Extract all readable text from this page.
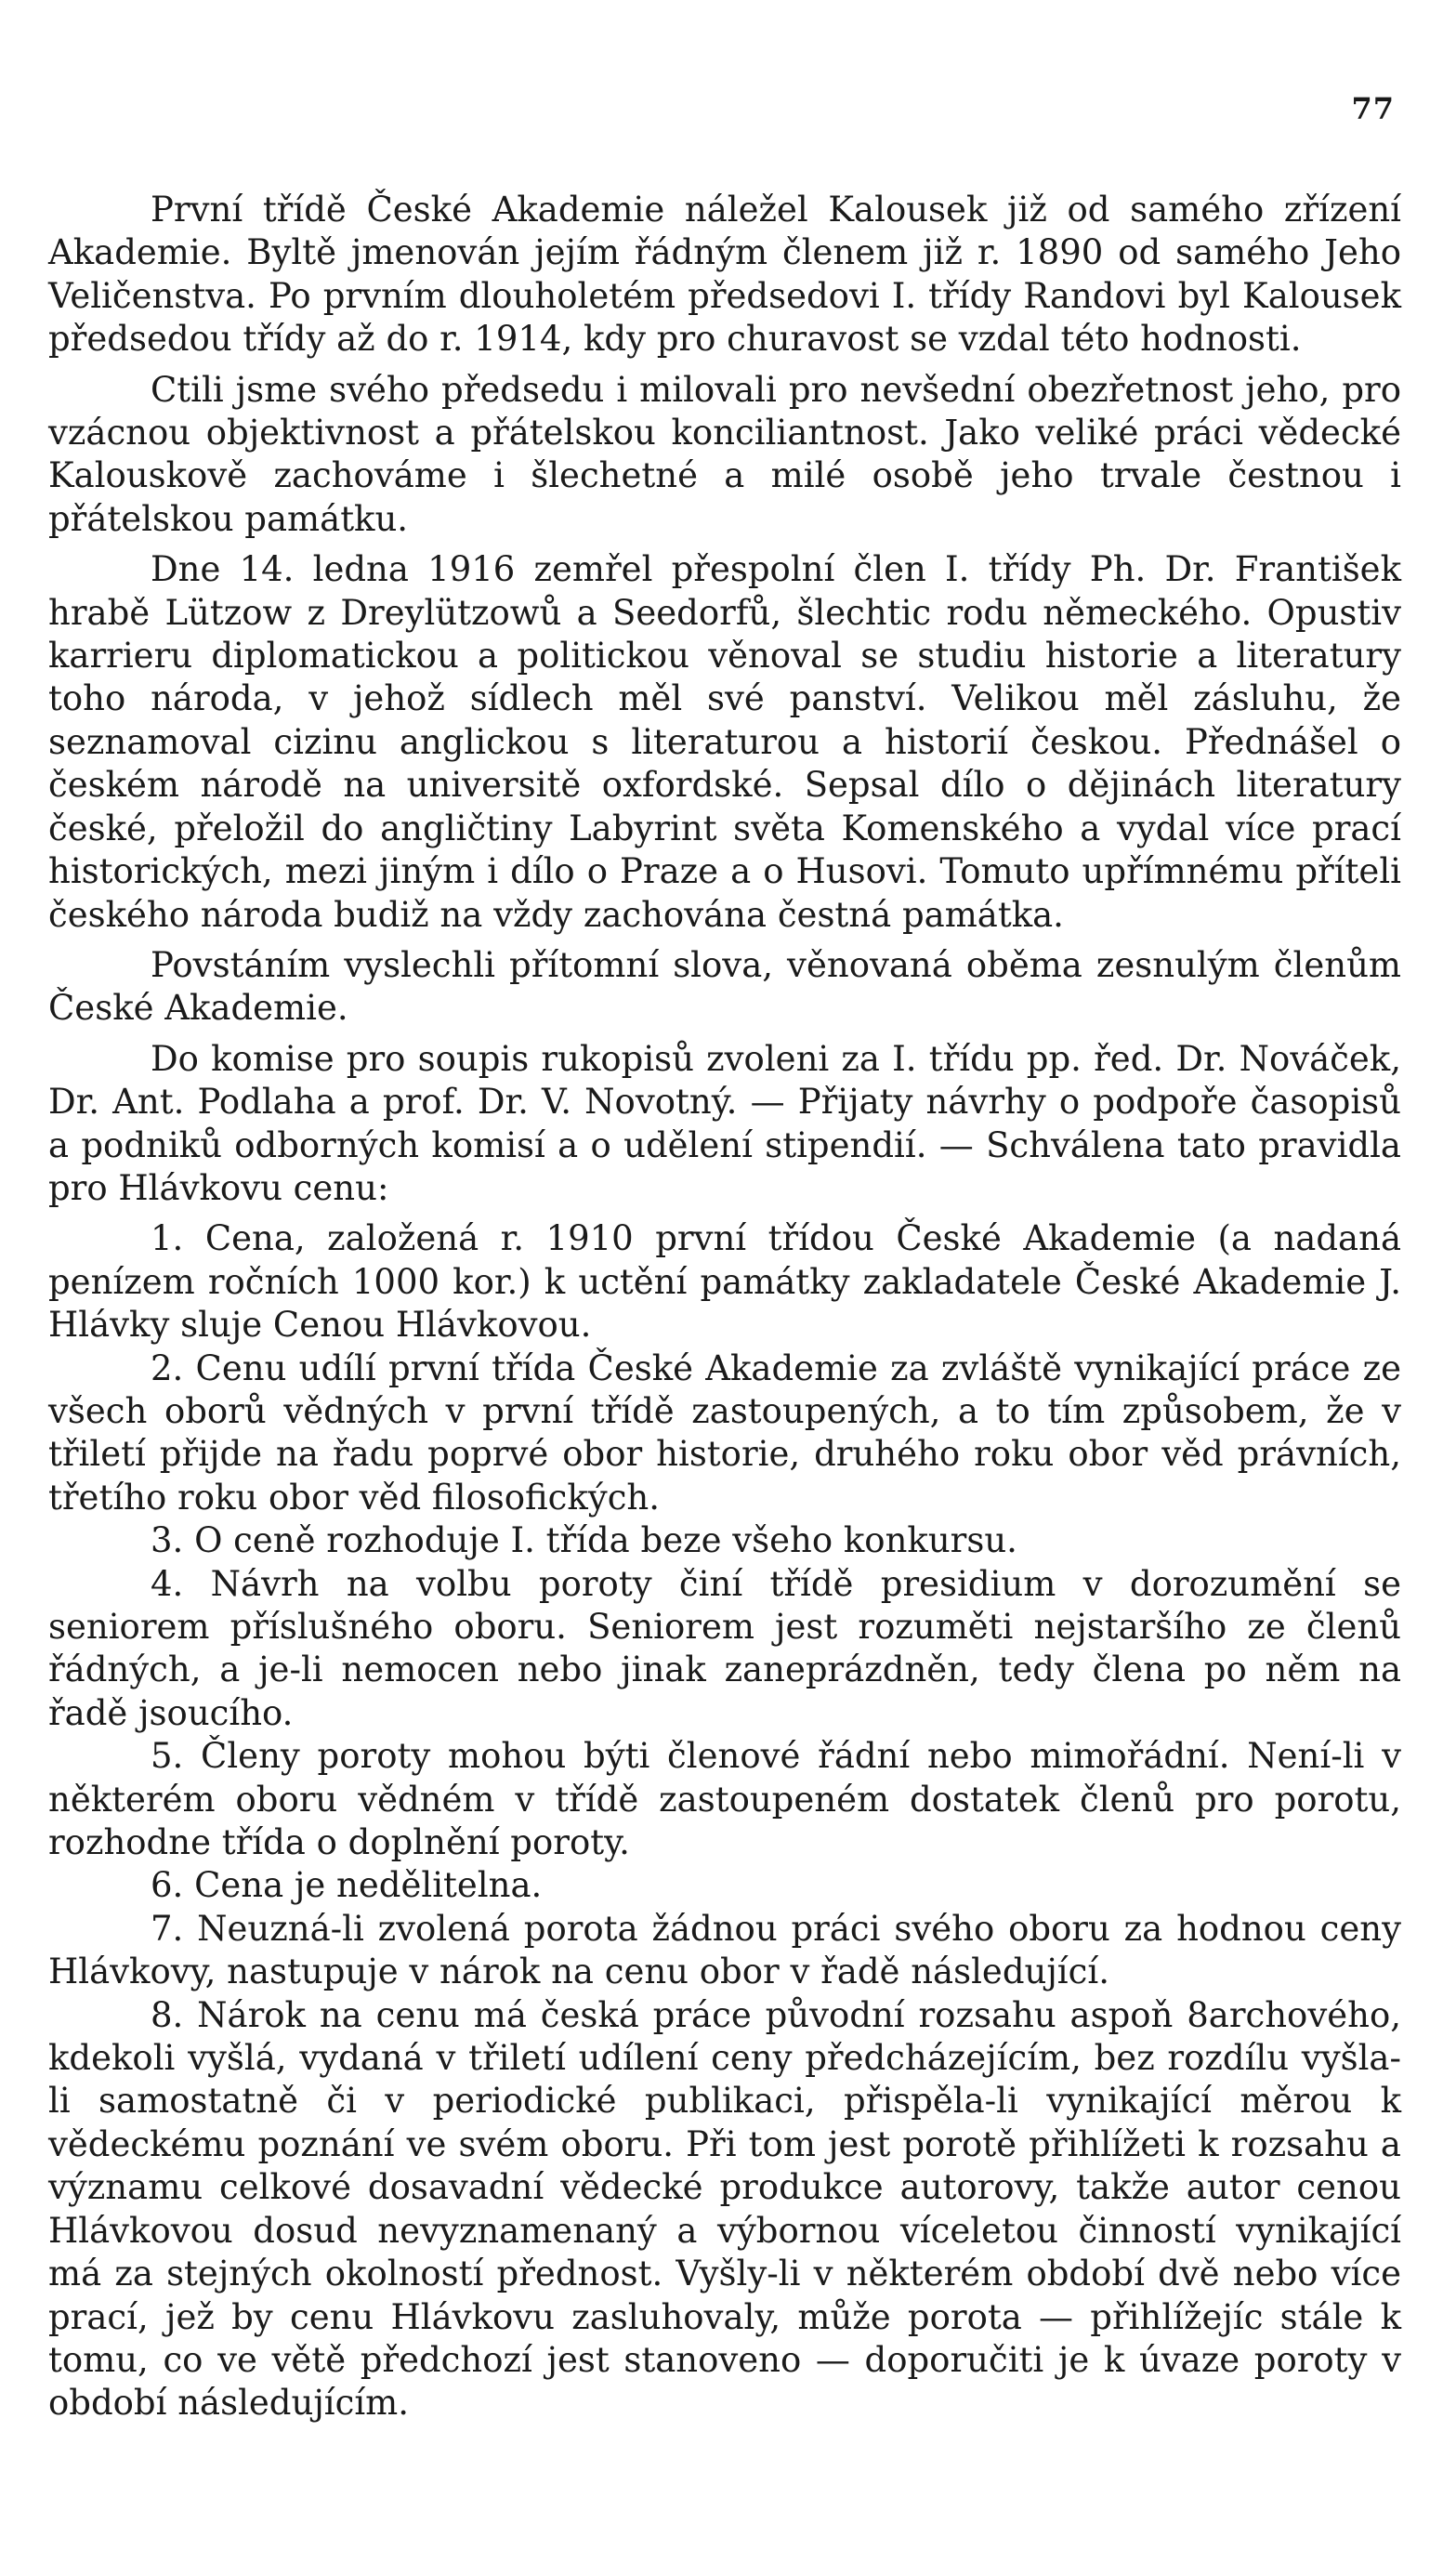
77

První třídě České Akademie náležel Kalousek již od samého zřízení Akademie. Byltě jmenován jejím řádným členem již r. 1890 od samého Jeho Veličenstva. Po prvním dlouholetém předsedovi I. třídy Randovi byl Kalousek předsedou třídy až do r. 1914, kdy pro churavost se vzdal této hodnosti.

Ctili jsme svého předsedu i milovali pro nevšední obezřetnost jeho, pro vzácnou objektivnost a přátelskou konciliantnost. Jako veliké práci vědecké Kalouskově zachováme i šlechetné a milé osobě jeho trvale čestnou i přátelskou památku.

Dne 14. ledna 1916 zemřel přespolní člen I. třídy Ph. Dr. František hrabě Lützow z Dreylützowů a Seedorfů, šlechtic rodu německého. Opustiv karrieru diplomatickou a politickou věnoval se studiu historie a literatury toho národa, v jehož sídlech měl své panství. Velikou měl zásluhu, že seznamoval cizinu anglickou s literaturou a historií českou. Přednášel o českém národě na universitě oxfordské. Sepsal dílo o dějinách literatury české, přeložil do angličtiny Labyrint světa Komenského a vydal více prací historických, mezi jiným i dílo o Praze a o Husovi. Tomuto upřímnému příteli českého národa budiž na vždy zachována čestná památka.

Povstáním vyslechli přítomní slova, věnovaná oběma zesnulým členům České Akademie.

Do komise pro soupis rukopisů zvoleni za I. třídu pp. řed. Dr. Nováček, Dr. Ant. Podlaha a prof. Dr. V. Novotný. — Přijaty návrhy o podpoře časopisů a podniků odborných komisí a o udělení stipendií. — Schválena tato pravidla pro Hlávkovu cenu:

1. Cena, založená r. 1910 první třídou České Akademie (a nadaná penízem ročních 1000 kor.) k uctění památky zakladatele České Akademie J. Hlávky sluje Cenou Hlávkovou.

2. Cenu udílí první třída České Akademie za zvláště vynikající práce ze všech oborů vědných v první třídě zastoupených, a to tím způsobem, že v třiletí přijde na řadu poprvé obor historie, druhého roku obor věd právních, třetího roku obor věd filosofických.

3. O ceně rozhoduje I. třída beze všeho konkursu.

4. Návrh na volbu poroty činí třídě presidium v dorozumění se seniorem příslušného oboru. Seniorem jest rozuměti nejstaršího ze členů řádných, a je-li nemocen nebo jinak zaneprázdněn, tedy člena po něm na řadě jsoucího.

5. Členy poroty mohou býti členové řádní nebo mimořádní. Není-li v některém oboru vědném v třídě zastoupeném dostatek členů pro porotu, rozhodne třída o doplnění poroty.

6. Cena je nedělitelna.

7. Neuzná-li zvolená porota žádnou práci svého oboru za hodnou ceny Hlávkovy, nastupuje v nárok na cenu obor v řadě následující.

8. Nárok na cenu má česká práce původní rozsahu aspoň 8archového, kdekoli vyšlá, vydaná v třiletí udílení ceny předcházejícím, bez rozdílu vyšla-li samostatně či v periodické publikaci, přispěla-li vynikající měrou k vědeckému poznání ve svém oboru. Při tom jest porotě přihlížeti k rozsahu a významu celkové dosavadní vědecké produkce autorovy, takže autor cenou Hlávkovou dosud nevyznamenaný a výbornou víceletou činností vynikající má za stejných okolností přednost. Vyšly-li v některém období dvě nebo více prací, jež by cenu Hlávkovu zasluhovaly, může porota — přihlížejíc stále k tomu, co ve větě předchozí jest stanoveno — doporučiti je k úvaze poroty v období následujícím.
